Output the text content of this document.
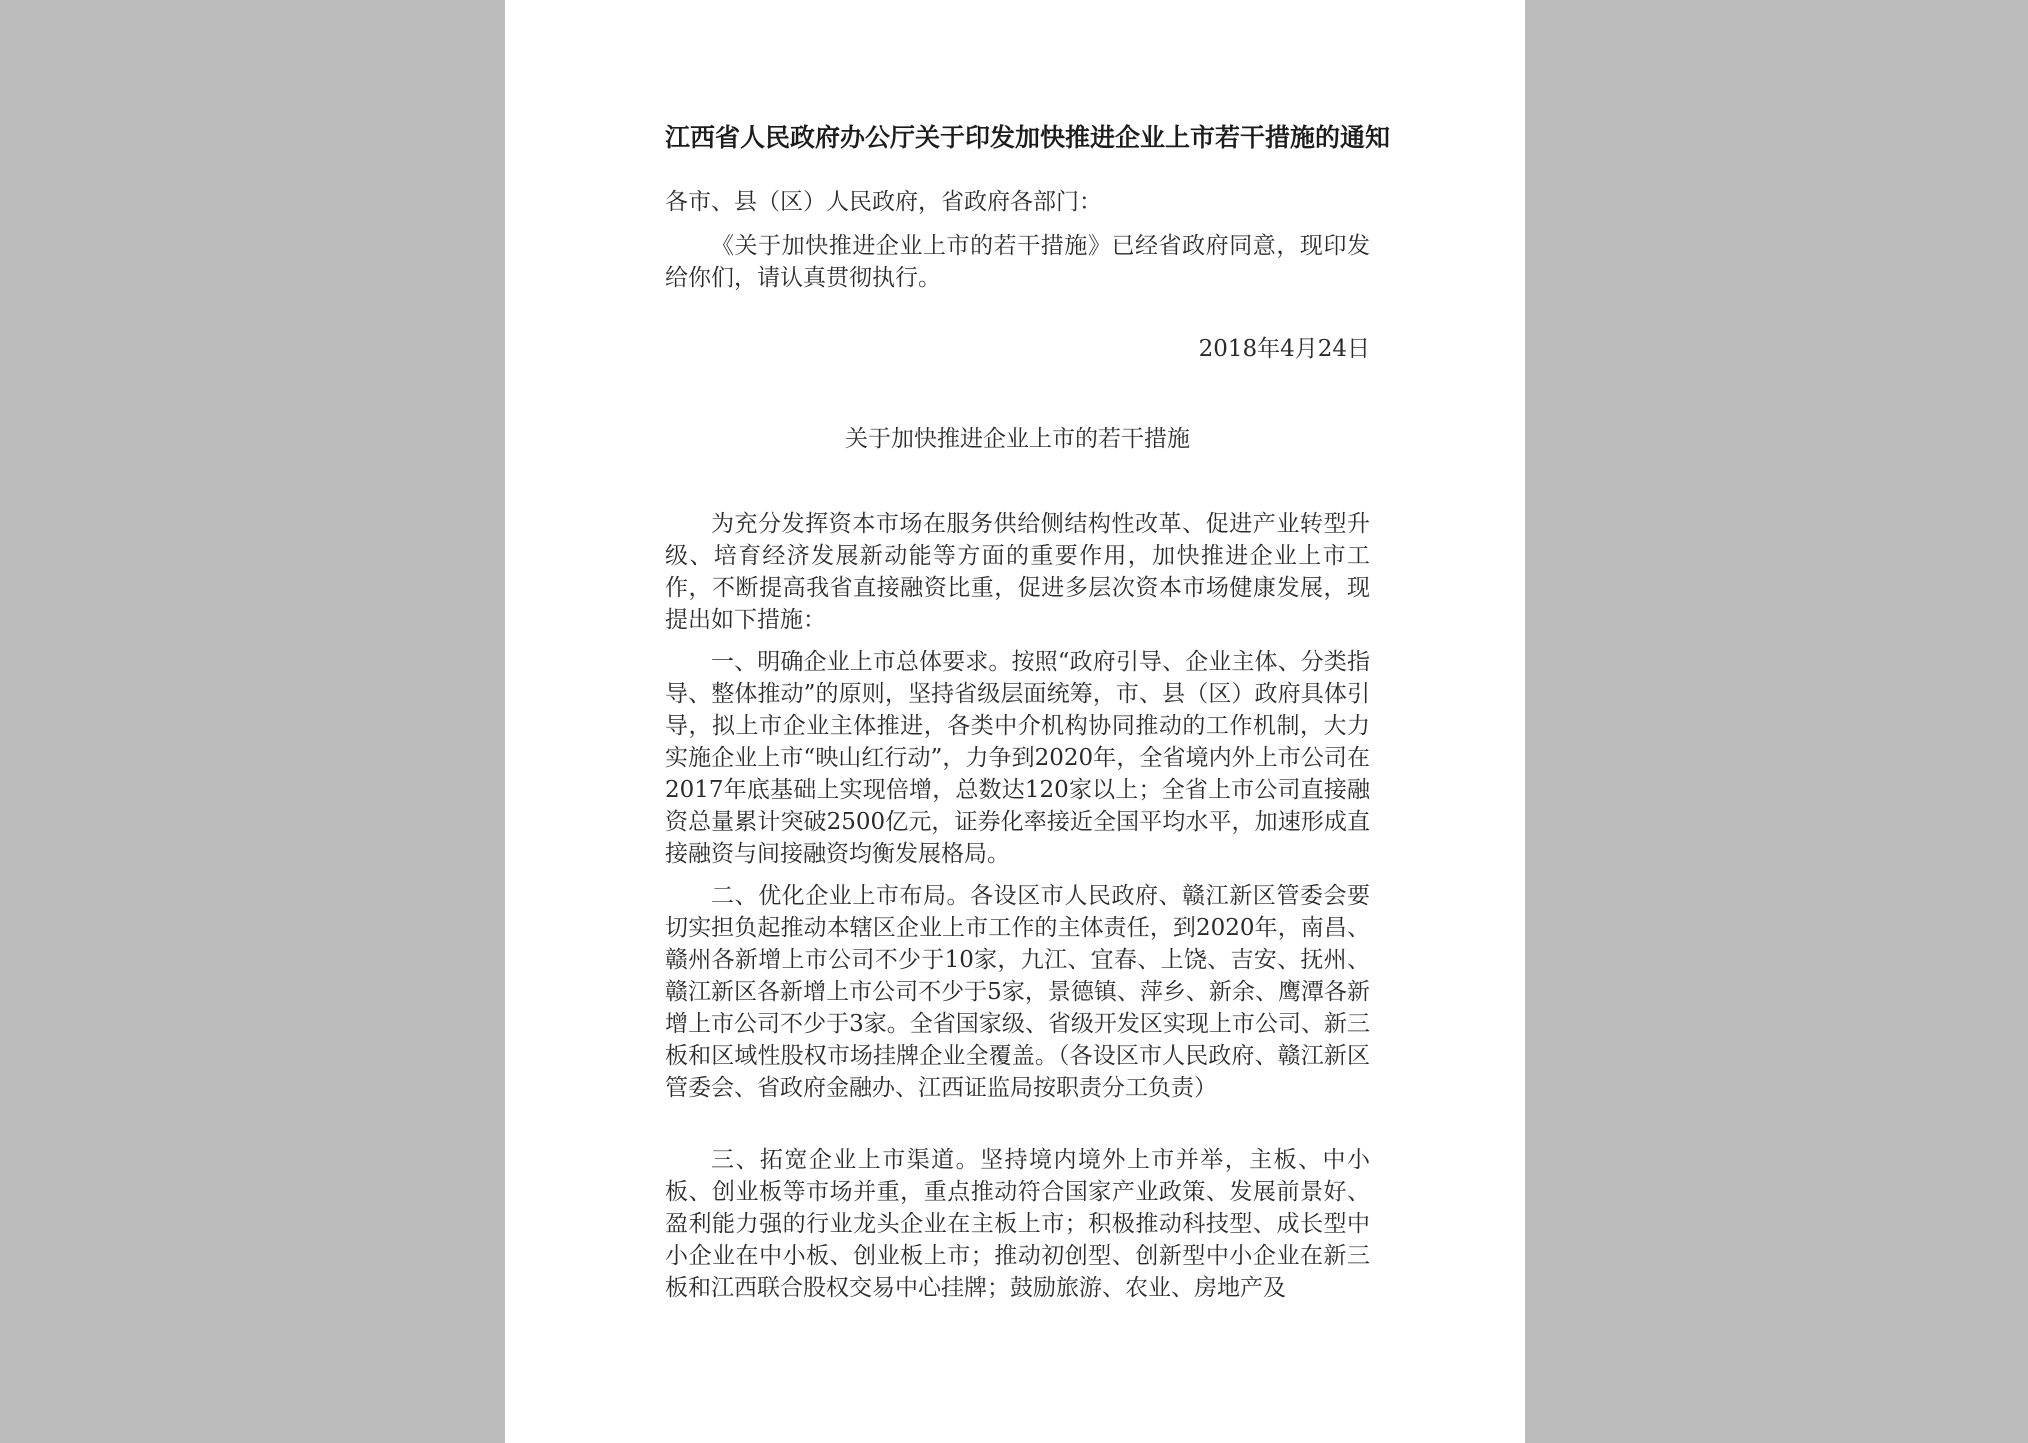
江西省人民政府办公厅关于印发加快推进企业上市若干措施的通知
各市、县（区）人民政府，省政府各部门：

《关于加快推进企业上市的若干措施》已经省政府同意，现印发给你们，请认真贯彻执行。

2018年4月24日
关于加快推进企业上市的若干措施

为充分发挥资本市场在服务供给侧结构性改革、促进产业转型升级、培育经济发展新动能等方面的重要作用，加快推进企业上市工作，不断提高我省直接融资比重，促进多层次资本市场健康发展，现提出如下措施：

一、明确企业上市总体要求。按照“政府引导、企业主体、分类指导、整体推动”的原则，坚持省级层面统筹，市、县（区）政府具体引导，拟上市企业主体推进，各类中介机构协同推动的工作机制，大力实施企业上市“映山红行动”，力争到2020年，全省境内外上市公司在2017年底基础上实现倍增，总数达120家以上；全省上市公司直接融资总量累计突破2500亿元，证券化率接近全国平均水平，加速形成直接融资与间接融资均衡发展格局。

二、优化企业上市布局。各设区市人民政府、赣江新区管委会要切实担负起推动本辖区企业上市工作的主体责任，到2020年，南昌、赣州各新增上市公司不少于10家，九江、宜春、上饶、吉安、抚州、赣江新区各新增上市公司不少于5家，景德镇、萍乡、新余、鹰潭各新增上市公司不少于3家。全省国家级、省级开发区实现上市公司、新三板和区域性股权市场挂牌企业全覆盖。（各设区市人民政府、赣江新区管委会、省政府金融办、江西证监局按职责分工负责）

三、拓宽企业上市渠道。坚持境内境外上市并举，主板、中小板、创业板等市场并重，重点推动符合国家产业政策、发展前景好、盈利能力强的行业龙头企业在主板上市；积极推动科技型、成长型中小企业在中小板、创业板上市；推动初创型、创新型中小企业在新三板和江西联合股权交易中心挂牌；鼓励旅游、农业、房地产及
